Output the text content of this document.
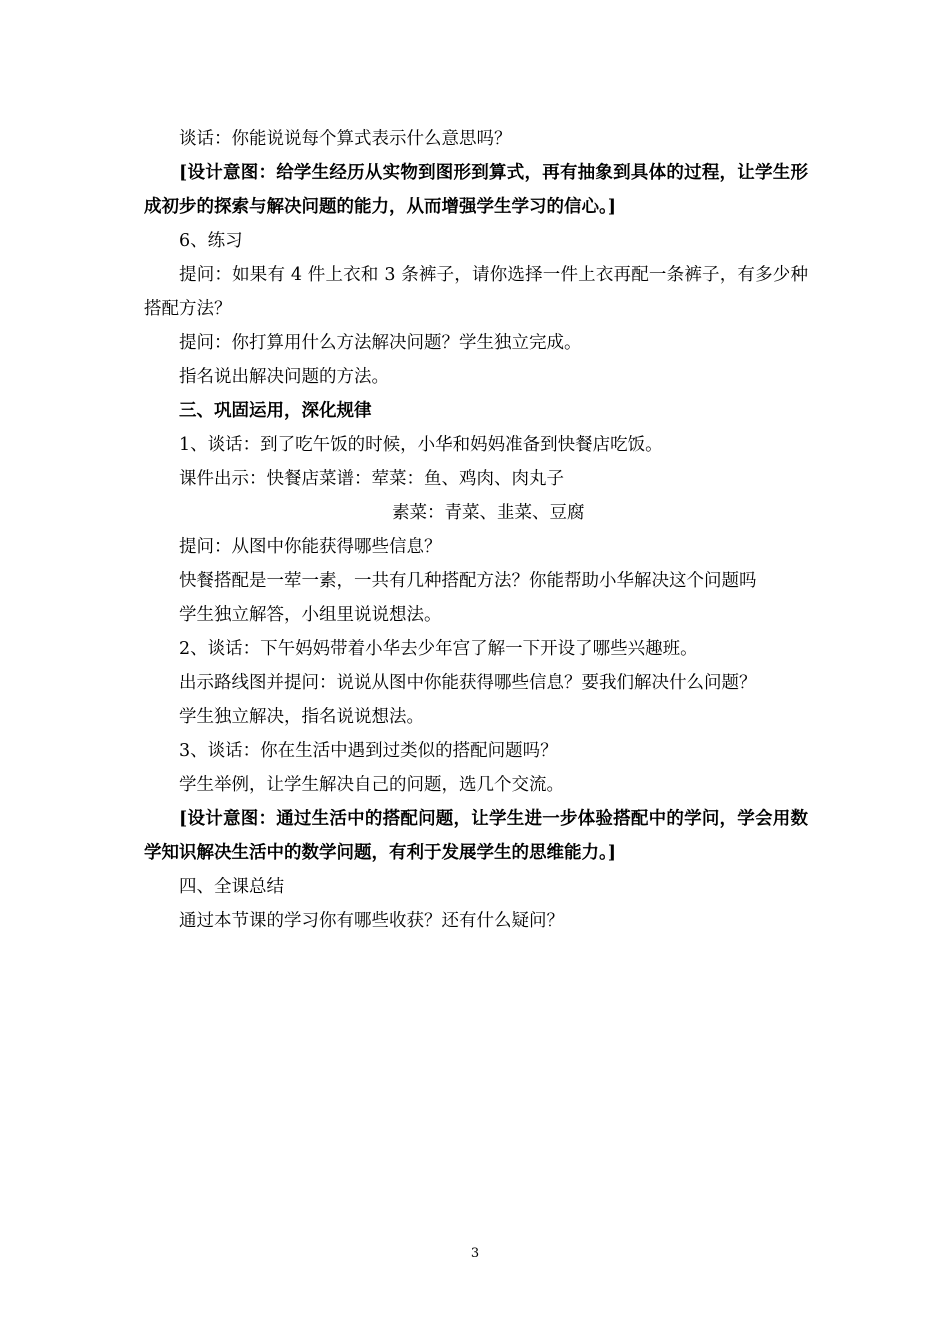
谈话：你能说说每个算式表示什么意思吗？

[设计意图：给学生经历从实物到图形到算式，再有抽象到具体的过程，让学生形成初步的探索与解决问题的能力，从而增强学生学习的信心。]

6、练习

提问：如果有 4 件上衣和 3 条裤子，请你选择一件上衣再配一条裤子，有多少种搭配方法？

提问：你打算用什么方法解决问题？学生独立完成。

指名说出解决问题的方法。

三、巩固运用，深化规律

1、谈话：到了吃午饭的时候，小华和妈妈准备到快餐店吃饭。

课件出示：快餐店菜谱：荤菜：鱼、鸡肉、肉丸子

素菜：青菜、韭菜、豆腐

提问：从图中你能获得哪些信息？

快餐搭配是一荤一素，一共有几种搭配方法？你能帮助小华解决这个问题吗

学生独立解答，小组里说说想法。

2、谈话：下午妈妈带着小华去少年宫了解一下开设了哪些兴趣班。

出示路线图并提问：说说从图中你能获得哪些信息？要我们解决什么问题？

学生独立解决，指名说说想法。

3、谈话：你在生活中遇到过类似的搭配问题吗？

学生举例，让学生解决自己的问题，选几个交流。

[设计意图：通过生活中的搭配问题，让学生进一步体验搭配中的学问，学会用数学知识解决生活中的数学问题，有利于发展学生的思维能力。]

四、全课总结

通过本节课的学习你有哪些收获？还有什么疑问？

3
